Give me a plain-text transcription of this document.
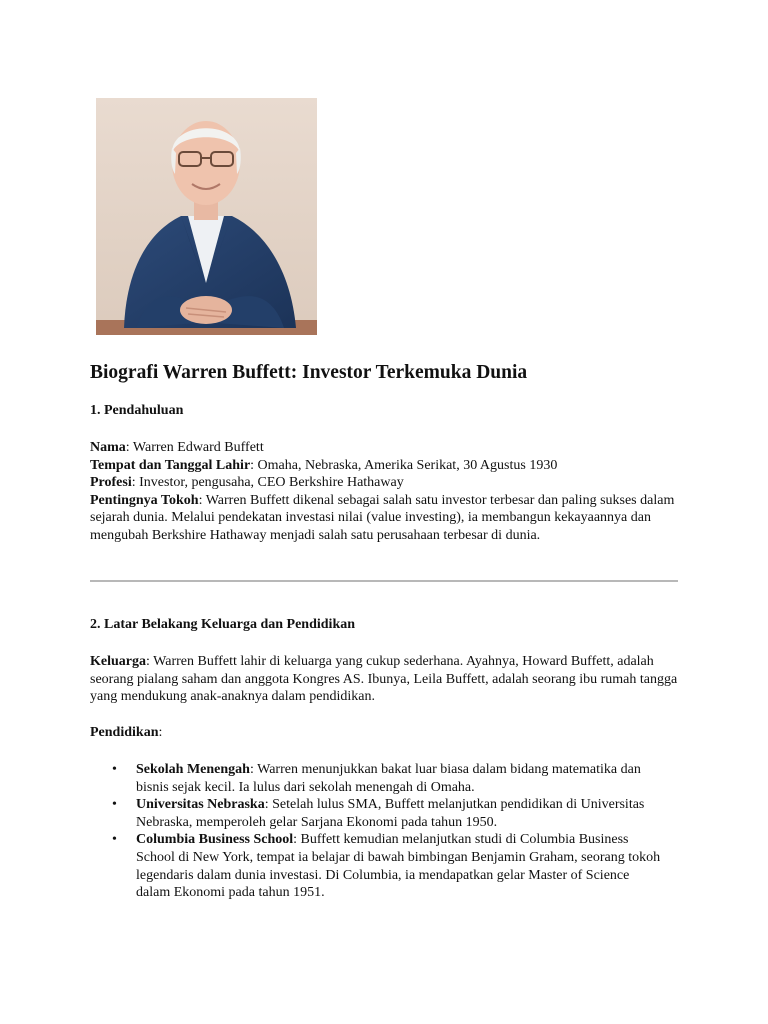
Biografi Warren Buffett: Investor Terkemuka Dunia
1. Pendahuluan

Nama: Warren Edward Buffett

Tempat dan Tanggal Lahir: Omaha, Nebraska, Amerika Serikat, 30 Agustus 1930

Profesi: Investor, pengusaha, CEO Berkshire Hathaway

Pentingnya Tokoh: Warren Buffett dikenal sebagai salah satu investor terbesar dan paling sukses dalam sejarah dunia. Melalui pendekatan investasi nilai (value investing), ia membangun kekayaannya dan mengubah Berkshire Hathaway menjadi salah satu perusahaan terbesar di dunia.

2. Latar Belakang Keluarga dan Pendidikan

Keluarga: Warren Buffett lahir di keluarga yang cukup sederhana. Ayahnya, Howard Buffett, adalah seorang pialang saham dan anggota Kongres AS. Ibunya, Leila Buffett, adalah seorang ibu rumah tangga yang mendukung anak-anaknya dalam pendidikan.

Pendidikan:

• Sekolah Menengah: Warren menunjukkan bakat luar biasa dalam bidang matematika dan bisnis sejak kecil. Ia lulus dari sekolah menengah di Omaha.
• Universitas Nebraska: Setelah lulus SMA, Buffett melanjutkan pendidikan di Universitas Nebraska, memperoleh gelar Sarjana Ekonomi pada tahun 1950.
• Columbia Business School: Buffett kemudian melanjutkan studi di Columbia Business School di New York, tempat ia belajar di bawah bimbingan Benjamin Graham, seorang tokoh legendaris dalam dunia investasi. Di Columbia, ia mendapatkan gelar Master of Science dalam Ekonomi pada tahun 1951.
